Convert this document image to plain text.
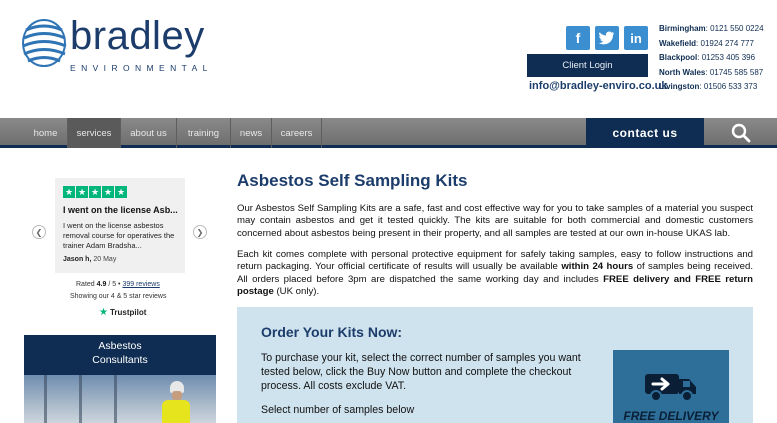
bradley
ENVIRONMENTAL
f	in
Client Login
info@bradley-enviro.co.uk
Birmingham: 0121 550 0224
Wakefield: 01924 274 777
Blackpool: 01253 405 396
North Wales: 01745 585 587
Livingston: 01506 533 373
home	services	about us	training	news	careers	contact us
❮	❯
★ ★ ★ ★ ★
I went on the license Asb...
I went on the license asbestos removal course for operatives the trainer Adam Bradsha...
Jason h, 20 May
Rated 4.9 / 5 • 399 reviews
Showing our 4 & 5 star reviews
★ Trustpilot
Asbestos
Consultants
Asbestos Self Sampling Kits

Our Asbestos Self Sampling Kits are a safe, fast and cost effective way for you to take samples of a material you suspect may contain asbestos and get it tested quickly. The kits are suitable for both commercial and domestic customers concerned about asbestos being present in their property, and all samples are tested at our own in-house UKAS lab.

Each kit comes complete with personal protective equipment for safely taking samples, easy to follow instructions and return packaging. Your official certificate of results will usually be available within 24 hours of samples being received. All orders placed before 3pm are dispatched the same working day and includes FREE delivery and FREE return postage (UK only).

Order Your Kits Now:
To purchase your kit, select the correct number of samples you want tested below, click the Buy Now button and complete the checkout process. All costs exclude VAT.
Select number of samples below	FREE DELIVERY
